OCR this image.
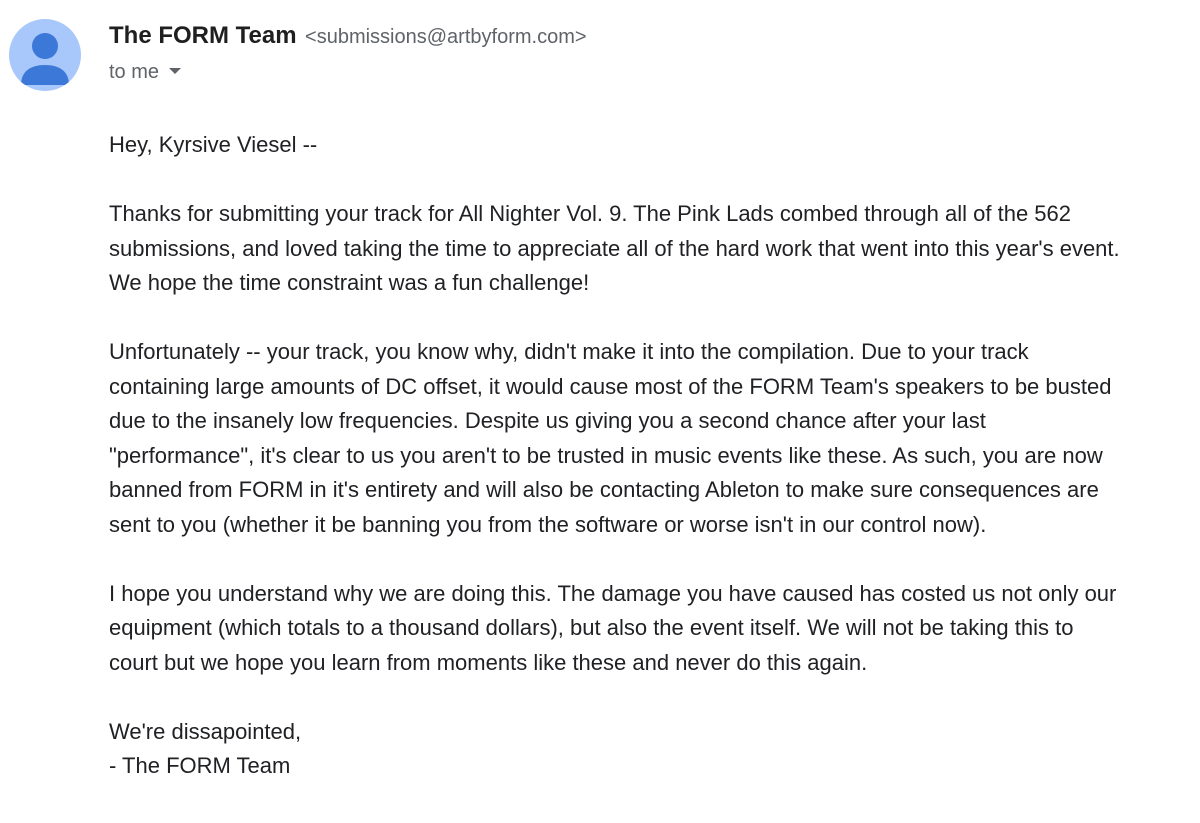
The FORM Team <submissions@artbyform.com>
to me

Hey, Kyrsive Viesel --

Thanks for submitting your track for All Nighter Vol. 9. The Pink Lads combed through all of the 562
submissions, and loved taking the time to appreciate all of the hard work that went into this year's event.
We hope the time constraint was a fun challenge!

Unfortunately -- your track, you know why, didn't make it into the compilation. Due to your track
containing large amounts of DC offset, it would cause most of the FORM Team's speakers to be busted
due to the insanely low frequencies. Despite us giving you a second chance after your last
"performance", it's clear to us you aren't to be trusted in music events like these. As such, you are now
banned from FORM in it's entirety and will also be contacting Ableton to make sure consequences are
sent to you (whether it be banning you from the software or worse isn't in our control now).

I hope you understand why we are doing this. The damage you have caused has costed us not only our
equipment (which totals to a thousand dollars), but also the event itself. We will not be taking this to
court but we hope you learn from moments like these and never do this again.

We're dissapointed,
- The FORM Team
